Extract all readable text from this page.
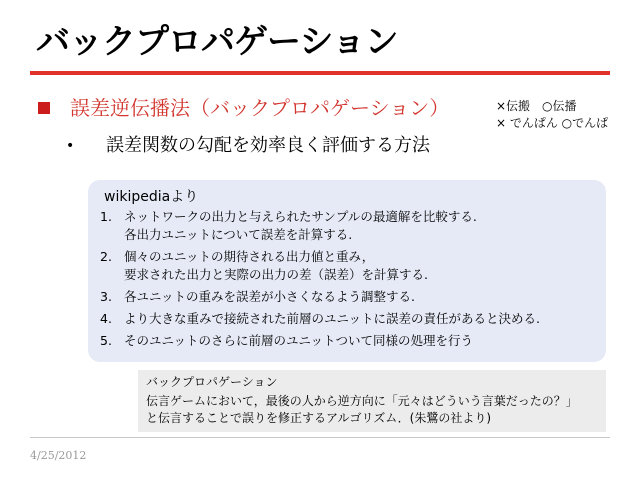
バックプロパゲーション
誤差逆伝播法（バックプロパゲーション）	×伝搬　○伝播
× でんぱん ○でんぱ
•	誤差関数の勾配を効率良く評価する方法
wikipediaより
1. ネットワークの出力と与えられたサンプルの最適解を比較する.
各出力ユニットについて誤差を計算する.
2. 個々のユニットの期待される出力値と重み，
要求された出力と実際の出力の差（誤差）を計算する.
3. 各ユニットの重みを誤差が小さくなるよう調整する.
4. より大きな重みで接続された前層のユニットに誤差の責任があると決める.
5. そのユニットのさらに前層のユニットついて同様の処理を行う
バックプロパゲーション
伝言ゲームにおいて，最後の人から逆方向に「元々はどういう言葉だったの？」
と伝言することで誤りを修正するアルゴリズム．(朱鷺の社より)
4/25/2012
